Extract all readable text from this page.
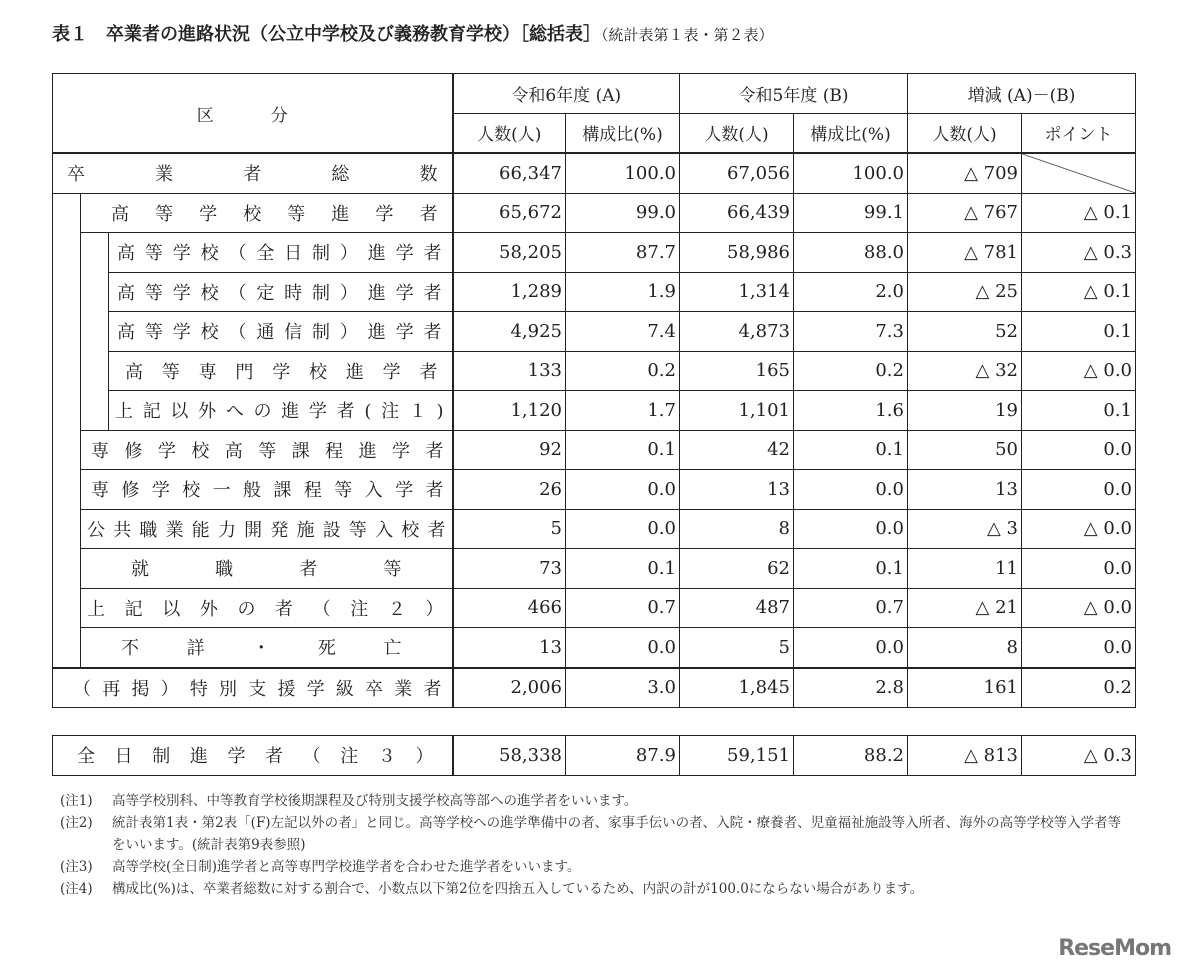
表１　卒業者の進路状況（公立中学校及び義務教育学校）［総括表］（統計表第１表・第２表）
区　分			令和6年度 (A)		令和5年度 (B)		増減 (A)－(B)	
			人数(人)	構成比(%)	人数(人)	構成比(%)	人数(人)	ポイント
卒業者総数			66,347	100.0	67,056	100.0	△ 709	
	高等学校等進学者		65,672	99.0	66,439	99.1	△ 767	△ 0.1
		高等学校（全日制）進学者	58,205	87.7	58,986	88.0	△ 781	△ 0.3
		高等学校（定時制）進学者	1,289	1.9	1,314	2.0	△ 25	△ 0.1
		高等学校（通信制）進学者	4,925	7.4	4,873	7.3	52	0.1
		高等専門学校進学者	133	0.2	165	0.2	△ 32	△ 0.0
		上記以外への進学者(注１)	1,120	1.7	1,101	1.6	19	0.1
	専修学校高等課程進学者		92	0.1	42	0.1	50	0.0
	専修学校一般課程等入学者		26	0.0	13	0.0	13	0.0
	公共職業能力開発施設等入校者		5	0.0	8	0.0	△ 3	△ 0.0
	就職者等		73	0.1	62	0.1	11	0.0
	上記以外の者（注２）		466	0.7	487	0.7	△ 21	△ 0.0
	不詳・死亡		13	0.0	5	0.0	8	0.0
（再掲）特別支援学級卒業者			2,006	3.0	1,845	2.8	161	0.2
全日制進学者（注３）	58,338	87.9	59,151	88.2	△ 813	△ 0.3
(注1)	高等学校別科、中等教育学校後期課程及び特別支援学校高等部への進学者をいいます。
(注2)	統計表第1表・第2表「(F)左記以外の者」と同じ。高等学校への進学準備中の者、家事手伝いの者、入院・療養者、児童福祉施設等入所者、海外の高等学校等入学者等をいいます。(統計表第9表参照)
(注3)	高等学校(全日制)進学者と高等専門学校進学者を合わせた進学者をいいます。
(注4)	構成比(%)は、卒業者総数に対する割合で、小数点以下第2位を四捨五入しているため、内訳の計が100.0にならない場合があります。
ReseMom
